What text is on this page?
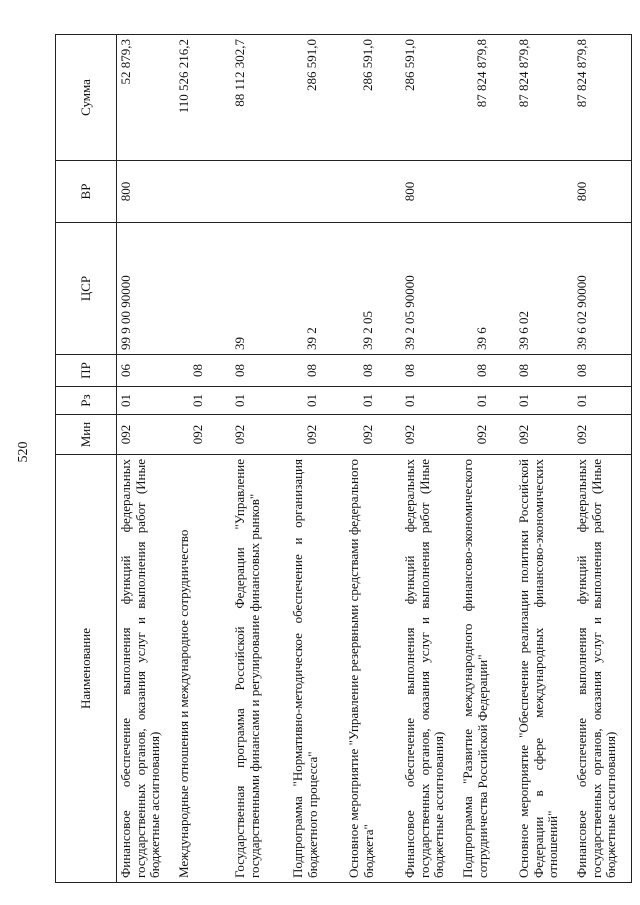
520
Наименование	Мин	Рз	ПР	ЦСР	ВР	Сумма
Финансовое обеспечение выполнения функций федеральных государственных органов, оказания услуг и выполнения работ (Иные бюджетные ассигнования)	092	01	06	99 9 00 90000	800	52 879,3
Международные отношения и международное сотрудничество	092	01	08			110 526 216,2
Государственная программа Российской Федерации "Управление государственными финансами и регулирование финансовых рынков"	092	01	08	39		88 112 302,7
Подпрограмма "Нормативно-методическое обеспечение и организация бюджетного процесса"	092	01	08	39 2		286 591,0
Основное мероприятие "Управление резервными средствами федерального бюджета"	092	01	08	39 2 05		286 591,0
Финансовое обеспечение выполнения функций федеральных государственных органов, оказания услуг и выполнения работ (Иные бюджетные ассигнования)	092	01	08	39 2 05 90000	800	286 591,0
Подпрограмма "Развитие международного финансово-экономического сотрудничества Российской Федерации"	092	01	08	39 6		87 824 879,8
Основное мероприятие "Обеспечение реализации политики Российской Федерации в сфере международных финансово-экономических отношений"	092	01	08	39 6 02		87 824 879,8
Финансовое обеспечение выполнения функций федеральных государственных органов, оказания услуг и выполнения работ (Иные бюджетные ассигнования)	092	01	08	39 6 02 90000	800	87 824 879,8
